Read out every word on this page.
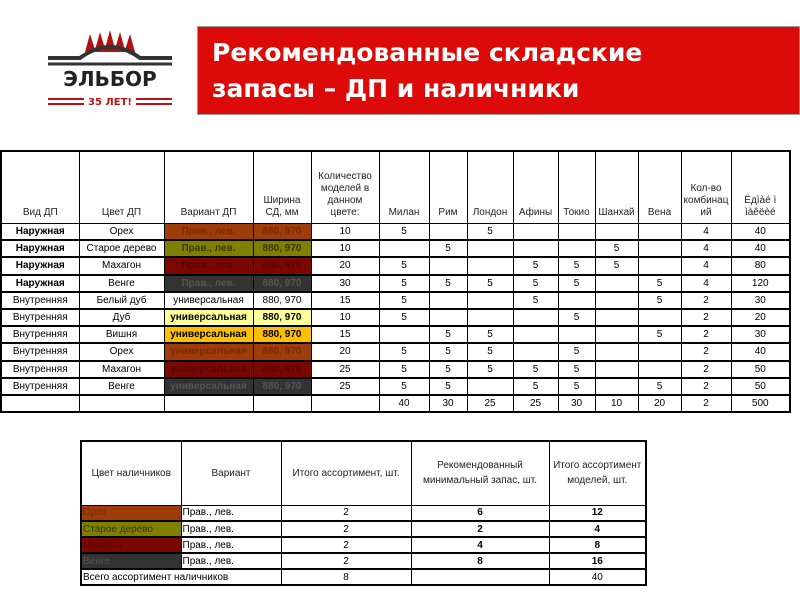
ЭЛЬБОР
35 ЛЕТ!
Рекомендованные складские
запасы – ДП и наличники
Вид ДП	Цвет ДП	Вариант ДП	Ширина СД, мм	Количество моделей в данном цвете:	Милан	Рим	Лондон	Афины	Токио	Шанхай	Вена	Кол-во комбинаций	Ёдìàé ì ìàêëèé
Наружная	Орех	Прав., лев.	880, 970	10	5		5					4	40
Наружная	Старое дерево	Прав., лев.	880, 970	10		5				5		4	40
Наружная	Махагон	Прав., лев.	880, 970	20	5			5	5	5		4	80
Наружная	Венге	Прав., лев.	880, 970	30	5	5	5	5	5		5	4	120
Внутренняя	Белый дуб	универсальная	880, 970	15	5			5			5	2	30
Внутренняя	Дуб	универсальная	880, 970	10	5				5			2	20
Внутренняя	Вишня	универсальная	880, 970	15		5	5				5	2	30
Внутренняя	Орех	универсальная	880, 970	20	5	5	5		5			2	40
Внутренняя	Махагон	универсальная	880, 970	25	5	5	5	5	5			2	50
Внутренняя	Венге	универсальная	880, 970	25	5	5		5	5		5	2	50
					40	30	25	25	30	10	20	2	500
Цвет наличников	Вариант	Итого ассортимент, шт.	Рекомендованный минимальный запас, шт.	Итого ассортимент моделей, шт.
Орех	Прав., лев.	2	6	12
Старое дерево	Прав., лев.	2	2	4
Махагон	Прав., лев.	2	4	8
Венге	Прав., лев.	2	8	16
Всего ассортимент наличников		8		40
